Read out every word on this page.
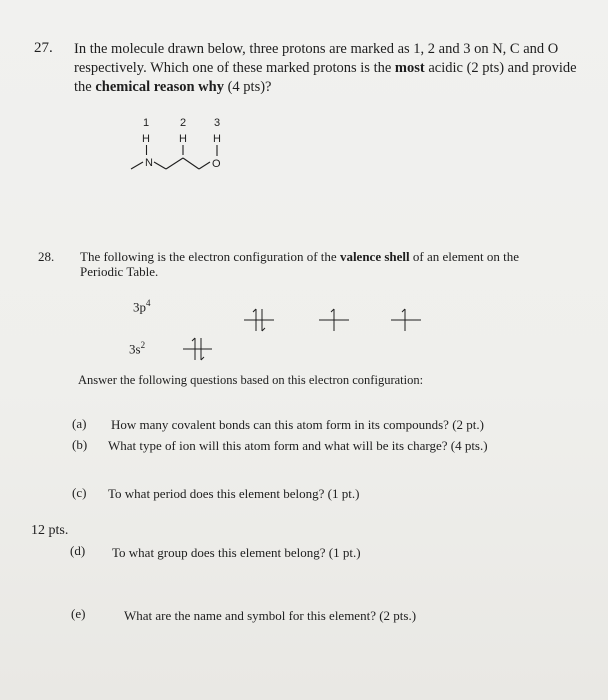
27. In the molecule drawn below, three protons are marked as 1, 2 and 3 on N, C and O
respectively. Which one of these marked protons is the most acidic (2 pts) and provide
the chemical reason why (4 pts)?
1	2	3
H	H H
N	O
28. The following is the electron configuration of the valence shell of an element on the
Periodic Table.
$3p^4$
$3s^2$
Answer the following questions based on this electron configuration:
(a) How many covalent bonds can this atom form in its compounds? (2 pt.)
(b) What type of ion will this atom form and what will be its charge? (4 pts.)
(c) To what period does this element belong? (1 pt.)
12 pts.
(d) To what group does this element belong? (1 pt.)
(e)	What are the name and symbol for this element? (2 pts.)
